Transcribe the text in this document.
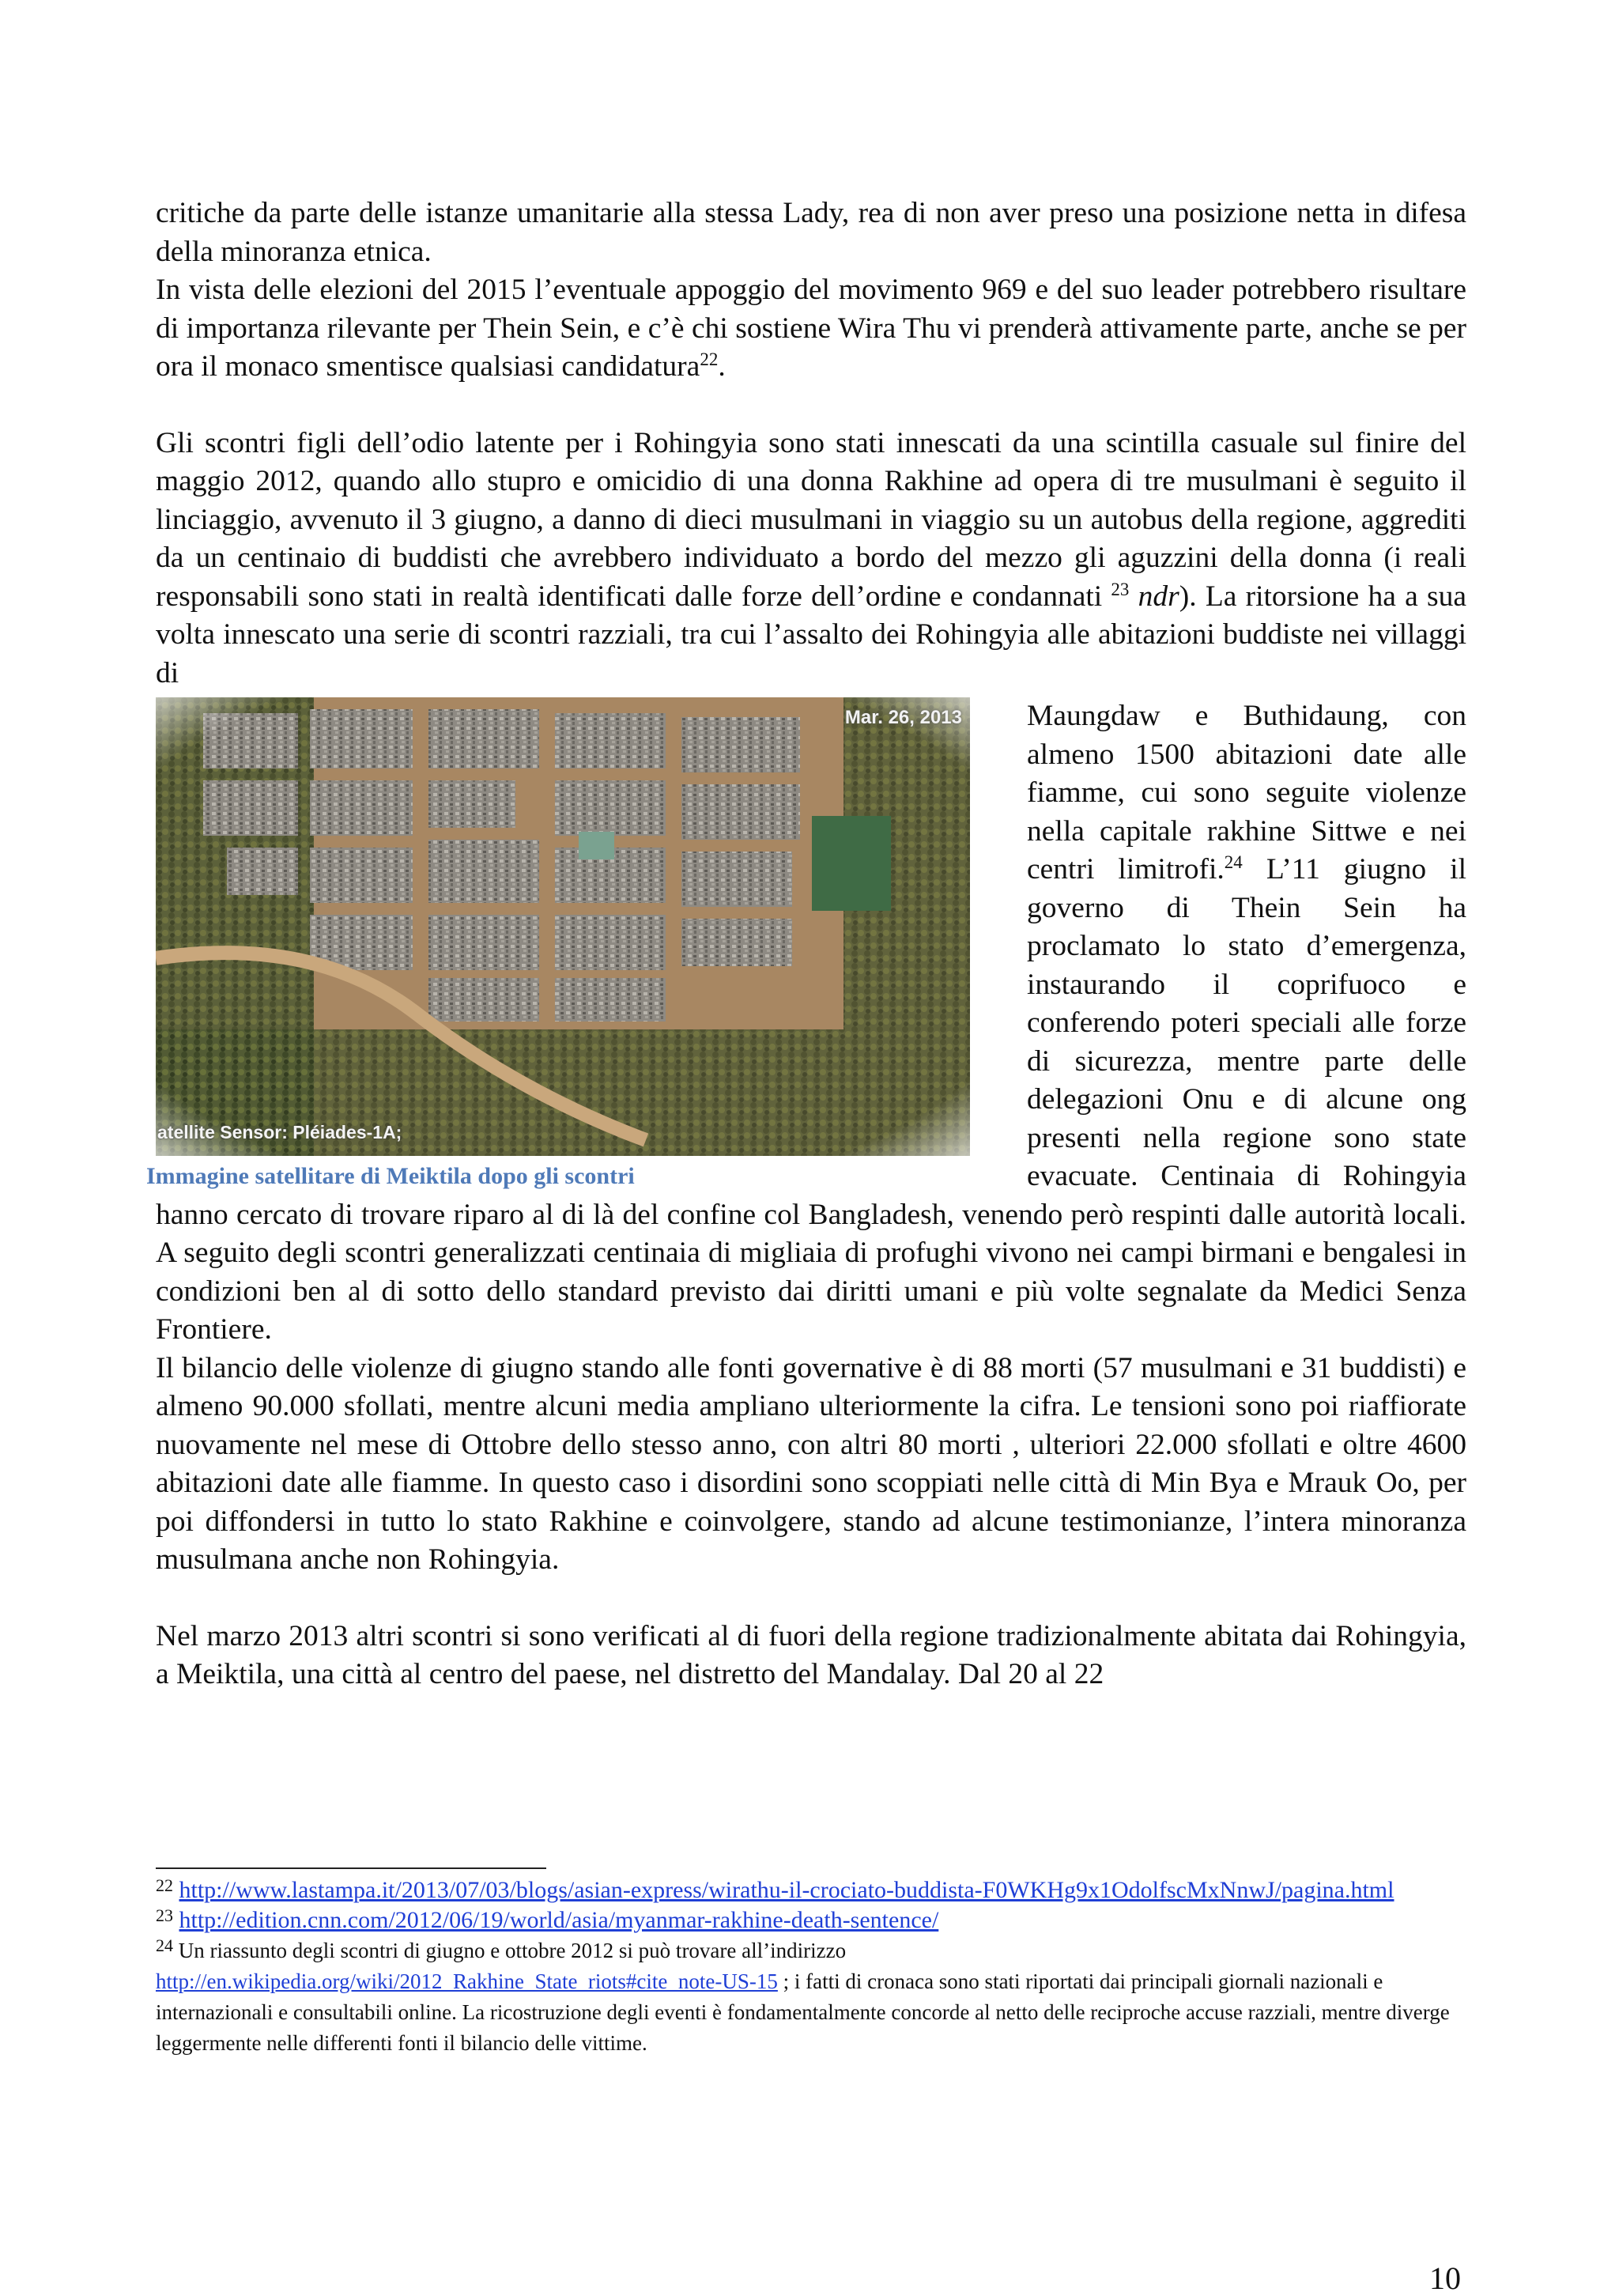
critiche da parte delle istanze umanitarie alla stessa Lady, rea di non aver preso una posizione netta in difesa della minoranza etnica.

In vista delle elezioni del 2015 l’eventuale appoggio del movimento 969 e del suo leader potrebbero risultare di importanza rilevante per Thein Sein, e c’è chi sostiene Wira Thu vi prenderà attivamente parte, anche se per ora il monaco smentisce qualsiasi candidatura$^{22}$.

Gli scontri figli dell’odio latente per i Rohingyia sono stati innescati da una scintilla casuale sul finire del maggio 2012, quando allo stupro e omicidio di una donna Rakhine ad opera di tre musulmani è seguito il linciaggio, avvenuto il 3 giugno, a danno di dieci musulmani in viaggio su un autobus della regione, aggrediti da un centinaio di buddisti che avrebbero individuato a bordo del mezzo gli aguzzini della donna (i reali responsabili sono stati in realtà identificati dalle forze dell’ordine e condannati $^{23}$ ndr). La ritorsione ha a sua volta innescato una serie di scontri razziali, tra cui l’assalto dei Rohingyia alle abitazioni buddiste nei villaggi di

Mar. 26, 2013
atellite Sensor: Pléiades-1A;
Immagine satellitare di Meiktila dopo gli scontri

Maungdaw e Buthidaung, con almeno 1500 abitazioni date alle fiamme, cui sono seguite violenze nella capitale rakhine Sittwe e nei centri limitrofi.$^{24}$ L’11 giugno il governo di Thein Sein ha proclamato lo stato d’emergenza, instaurando il coprifuoco e conferendo poteri speciali alle forze di sicurezza, mentre parte delle delegazioni Onu e di alcune ong presenti nella regione sono state evacuate. Centinaia di Rohingyia hanno cercato di trovare riparo al di là del confine col Bangladesh, venendo però respinti dalle autorità locali. A seguito degli scontri generalizzati centinaia di migliaia di profughi vivono nei campi birmani e bengalesi in condizioni ben al di sotto dello standard previsto dai diritti umani e più volte segnalate da Medici Senza Frontiere.

Il bilancio delle violenze di giugno stando alle fonti governative è di 88 morti (57 musulmani e 31 buddisti) e almeno 90.000 sfollati, mentre alcuni media ampliano ulteriormente la cifra. Le tensioni sono poi riaffiorate nuovamente nel mese di Ottobre dello stesso anno, con altri 80 morti , ulteriori 22.000 sfollati e oltre 4600 abitazioni date alle fiamme. In questo caso i disordini sono scoppiati nelle città di Min Bya e Mrauk Oo, per poi diffondersi in tutto lo stato Rakhine e coinvolgere, stando ad alcune testimonianze, l’intera minoranza musulmana anche non Rohingyia.

Nel marzo 2013 altri scontri si sono verificati al di fuori della regione tradizionalmente abitata dai Rohingyia, a Meiktila, una città al centro del paese, nel distretto del Mandalay. Dal 20 al 22

$^{22}$ http://www.lastampa.it/2013/07/03/blogs/asian-express/wirathu-il-crociato-buddista-F0WKHg9x1OdolfscMxNnwJ/pagina.html

$^{23}$ http://edition.cnn.com/2012/06/19/world/asia/myanmar-rakhine-death-sentence/

$^{24}$ Un riassunto degli scontri di giugno e ottobre 2012 si può trovare all’indirizzo
http://en.wikipedia.org/wiki/2012_Rakhine_State_riots#cite_note-US-15 ; i fatti di cronaca sono stati riportati dai principali giornali nazionali e internazionali e consultabili online. La ricostruzione degli eventi è fondamentalmente concorde al netto delle reciproche accuse razziali, mentre diverge leggermente nelle differenti fonti il bilancio delle vittime.

10
